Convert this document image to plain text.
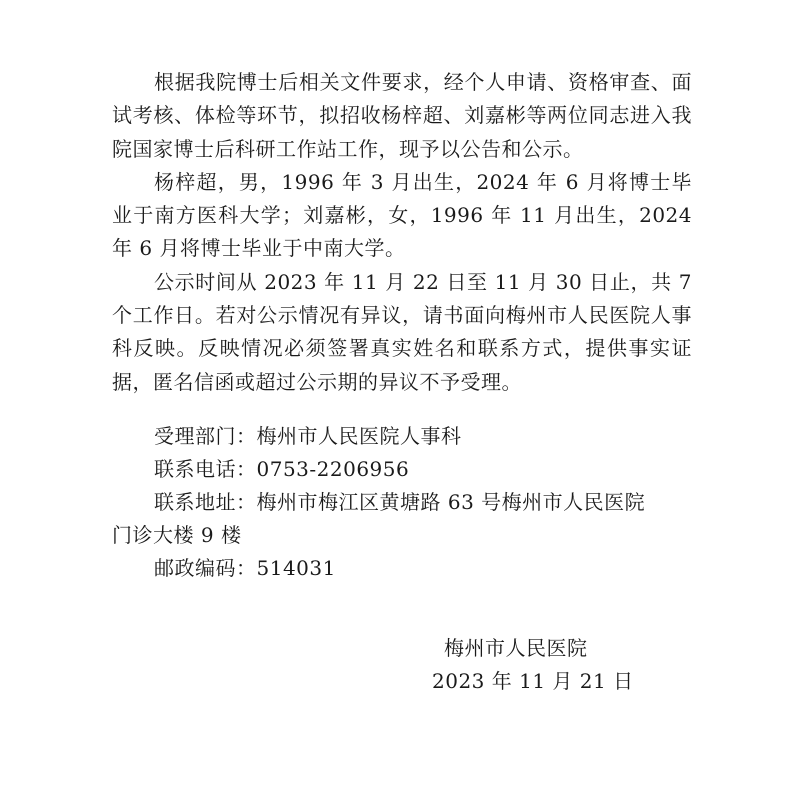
根据我院博士后相关文件要求，经个人申请、资格审查、面试考核、体检等环节，拟招收杨梓超、刘嘉彬等两位同志进入我院国家博士后科研工作站工作，现予以公告和公示。

杨梓超，男，1996 年 3 月出生，2024 年 6 月将博士毕业于南方医科大学；刘嘉彬，女，1996 年 11 月出生，2024 年 6 月将博士毕业于中南大学。

公示时间从 2023 年 11 月 22 日至 11 月 30 日止，共 7 个工作日。若对公示情况有异议，请书面向梅州市人民医院人事科反映。反映情况必须签署真实姓名和联系方式，提供事实证据，匿名信函或超过公示期的异议不予受理。

受理部门：梅州市人民医院人事科

联系电话：0753-2206956

联系地址：梅州市梅江区黄塘路 63 号梅州市人民医院

门诊大楼 9 楼

邮政编码：514031

梅州市人民医院
2023 年 11 月 21 日
